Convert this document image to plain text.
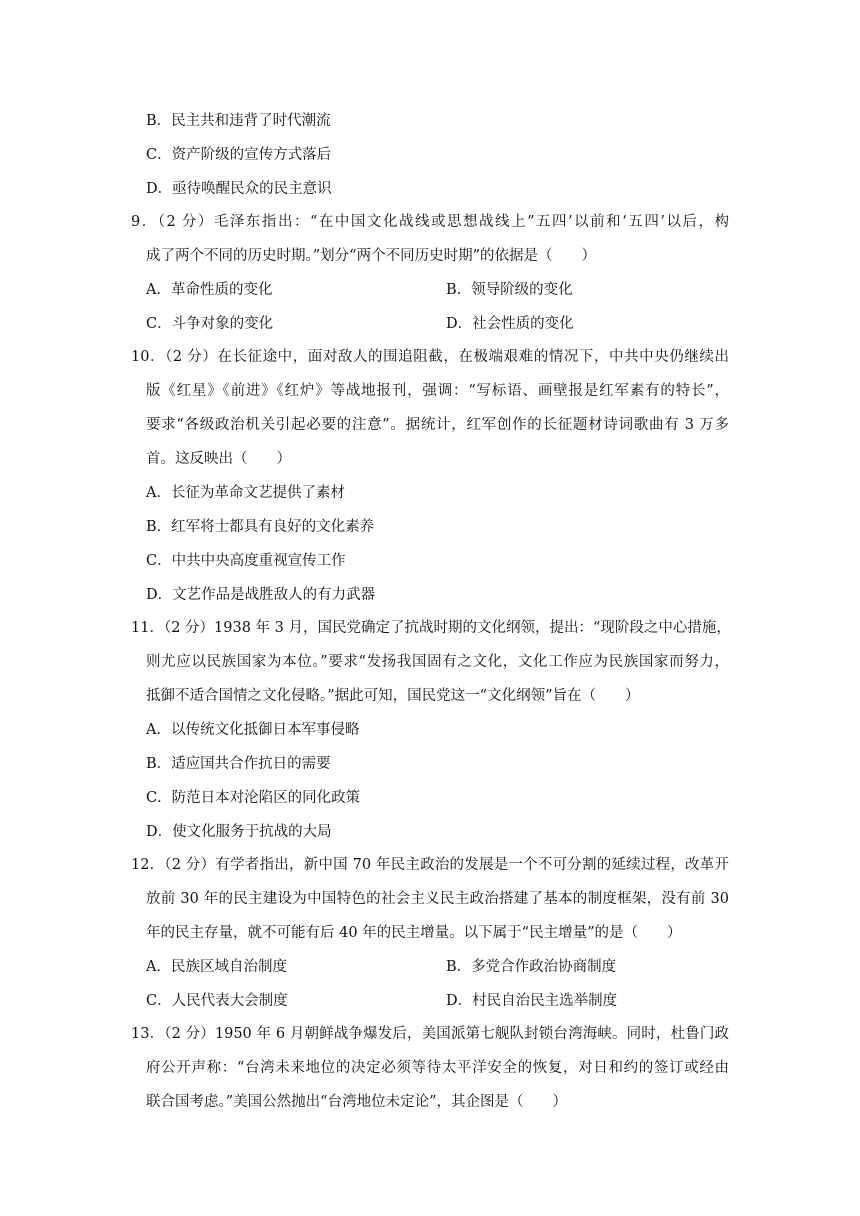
B．民主共和违背了时代潮流
C．资产阶级的宣传方式落后
D．亟待唤醒民众的民主意识
9．（2 分）毛泽东指出：“在中国文化战线或思想战线上”五四’以前和‘五四’以后，构
成了两个不同的历史时期。”划分“两个不同历史时期”的依据是（　　）
A．革命性质的变化	B．领导阶级的变化
C．斗争对象的变化	D．社会性质的变化
10．（2 分）在长征途中，面对敌人的围追阻截，在极端艰难的情况下，中共中央仍继续出
版《红星》《前进》《红炉》等战地报刊，强调：“写标语、画壁报是红军素有的特长”，
要求“各级政治机关引起必要的注意”。据统计，红军创作的长征题材诗词歌曲有 3 万多
首。这反映出（　　）
A．长征为革命文艺提供了素材
B．红军将士都具有良好的文化素养
C．中共中央高度重视宣传工作
D．文艺作品是战胜敌人的有力武器
11．（2 分）1938 年 3 月，国民党确定了抗战时期的文化纲领，提出：“现阶段之中心措施，
则尤应以民族国家为本位。”要求“发扬我国固有之文化，文化工作应为民族国家而努力，
抵御不适合国情之文化侵略。”据此可知，国民党这一“文化纲领”旨在（　　）
A．以传统文化抵御日本军事侵略
B．适应国共合作抗日的需要
C．防范日本对沦陷区的同化政策
D．使文化服务于抗战的大局
12．（2 分）有学者指出，新中国 70 年民主政治的发展是一个不可分割的延续过程，改革开
放前 30 年的民主建设为中国特色的社会主义民主政治搭建了基本的制度框架，没有前 30
年的民主存量，就不可能有后 40 年的民主增量。以下属于“民主增量”的是（　　）
A．民族区域自治制度	B．多党合作政治协商制度
C．人民代表大会制度	D．村民自治民主选举制度
13．（2 分）1950 年 6 月朝鲜战争爆发后，美国派第七舰队封锁台湾海峡。同时，杜鲁门政
府公开声称：“台湾未来地位的决定必须等待太平洋安全的恢复，对日和约的签订或经由
联合国考虑。”美国公然抛出“台湾地位未定论”，其企图是（　　）
